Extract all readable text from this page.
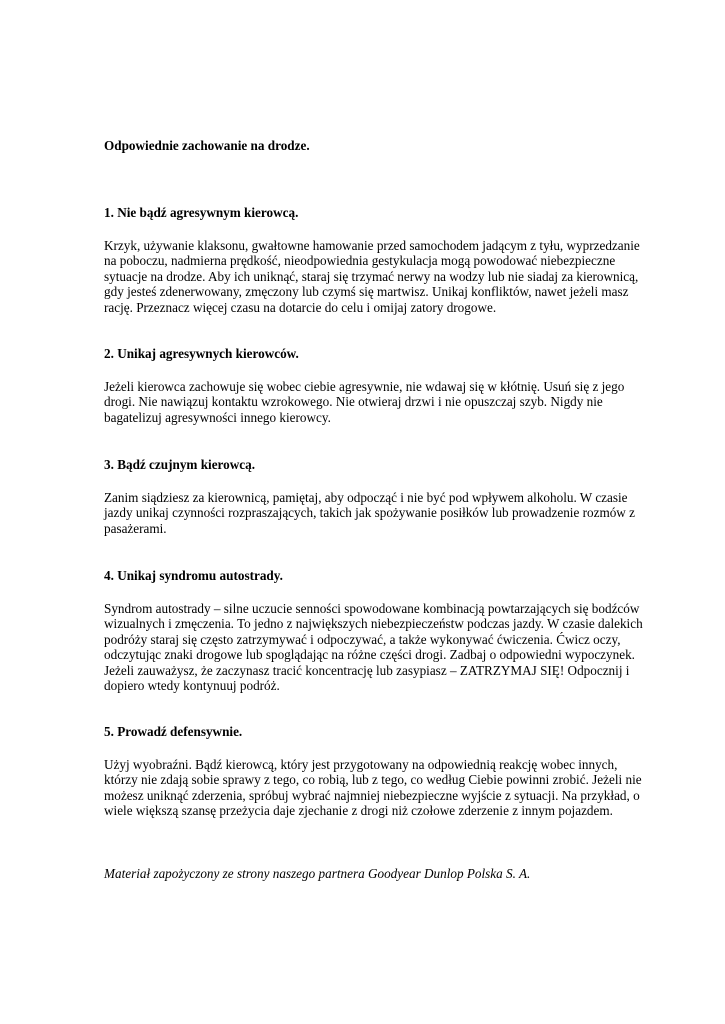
Odpowiednie zachowanie na drodze.

1. Nie bądź agresywnym kierowcą.

Krzyk, używanie klaksonu, gwałtowne hamowanie przed samochodem jadącym z tyłu, wyprzedzanie
na poboczu, nadmierna prędkość, nieodpowiednia gestykulacja mogą powodować niebezpieczne
sytuacje na drodze. Aby ich uniknąć, staraj się trzymać nerwy na wodzy lub nie siadaj za kierownicą,
gdy jesteś zdenerwowany, zmęczony lub czymś się martwisz. Unikaj konfliktów, nawet jeżeli masz
rację. Przeznacz więcej czasu na dotarcie do celu i omijaj zatory drogowe.

2. Unikaj agresywnych kierowców.

Jeżeli kierowca zachowuje się wobec ciebie agresywnie, nie wdawaj się w kłótnię. Usuń się z jego
drogi. Nie nawiązuj kontaktu wzrokowego. Nie otwieraj drzwi i nie opuszczaj szyb. Nigdy nie
bagatelizuj agresywności innego kierowcy.

3. Bądź czujnym kierowcą.

Zanim siądziesz za kierownicą, pamiętaj, aby odpocząć i nie być pod wpływem alkoholu. W czasie
jazdy unikaj czynności rozpraszających, takich jak spożywanie posiłków lub prowadzenie rozmów z
pasażerami.

4. Unikaj syndromu autostrady.

Syndrom autostrady – silne uczucie senności spowodowane kombinacją powtarzających się bodźców
wizualnych i zmęczenia. To jedno z największych niebezpieczeństw podczas jazdy. W czasie dalekich
podróży staraj się często zatrzymywać i odpoczywać, a także wykonywać ćwiczenia. Ćwicz oczy,
odczytując znaki drogowe lub spoglądając na różne części drogi. Zadbaj o odpowiedni wypoczynek.
Jeżeli zauważysz, że zaczynasz tracić koncentrację lub zasypiasz – ZATRZYMAJ SIĘ! Odpocznij i
dopiero wtedy kontynuuj podróż.

5. Prowadź defensywnie.

Użyj wyobraźni. Bądź kierowcą, który jest przygotowany na odpowiednią reakcję wobec innych,
którzy nie zdają sobie sprawy z tego, co robią, lub z tego, co według Ciebie powinni zrobić. Jeżeli nie
możesz uniknąć zderzenia, spróbuj wybrać najmniej niebezpieczne wyjście z sytuacji. Na przykład, o
wiele większą szansę przeżycia daje zjechanie z drogi niż czołowe zderzenie z innym pojazdem.

Materiał zapożyczony ze strony naszego partnera Goodyear Dunlop Polska S. A.
